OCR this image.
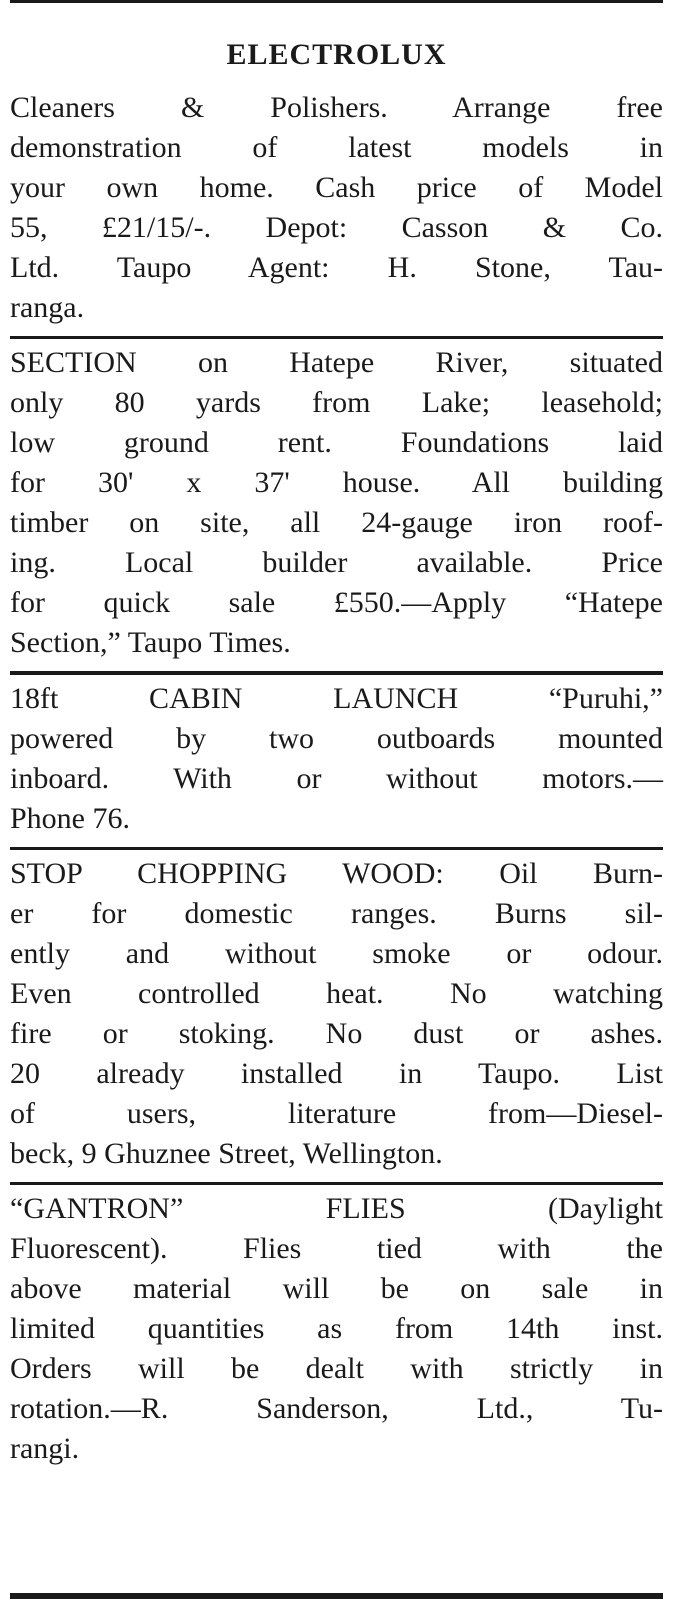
ELECTROLUX

Cleaners & Polishers. Arrange free
demonstration of latest models in
your own home. Cash price of Model
55, £21/15/-. Depot: Casson & Co.
Ltd. Taupo Agent: H. Stone, Tau-
ranga.

SECTION on Hatepe River, situated
only 80 yards from Lake; leasehold;
low ground rent. Foundations laid
for 30' x 37' house. All building
timber on site, all 24-gauge iron roof-
ing. Local builder available. Price
for quick sale £550.—Apply “Hatepe
Section,” Taupo Times.

18ft CABIN LAUNCH “Puruhi,”
powered by two outboards mounted
inboard. With or without motors.—
Phone 76.

STOP CHOPPING WOOD: Oil Burn-
er for domestic ranges. Burns sil-
ently and without smoke or odour.
Even controlled heat. No watching
fire or stoking. No dust or ashes.
20 already installed in Taupo. List
of users, literature from—Diesel-
beck, 9 Ghuznee Street, Wellington.

“GANTRON” FLIES (Daylight
Fluorescent). Flies tied with the
above material will be on sale in
limited quantities as from 14th inst.
Orders will be dealt with strictly in
rotation.—R. Sanderson, Ltd., Tu-
rangi.
